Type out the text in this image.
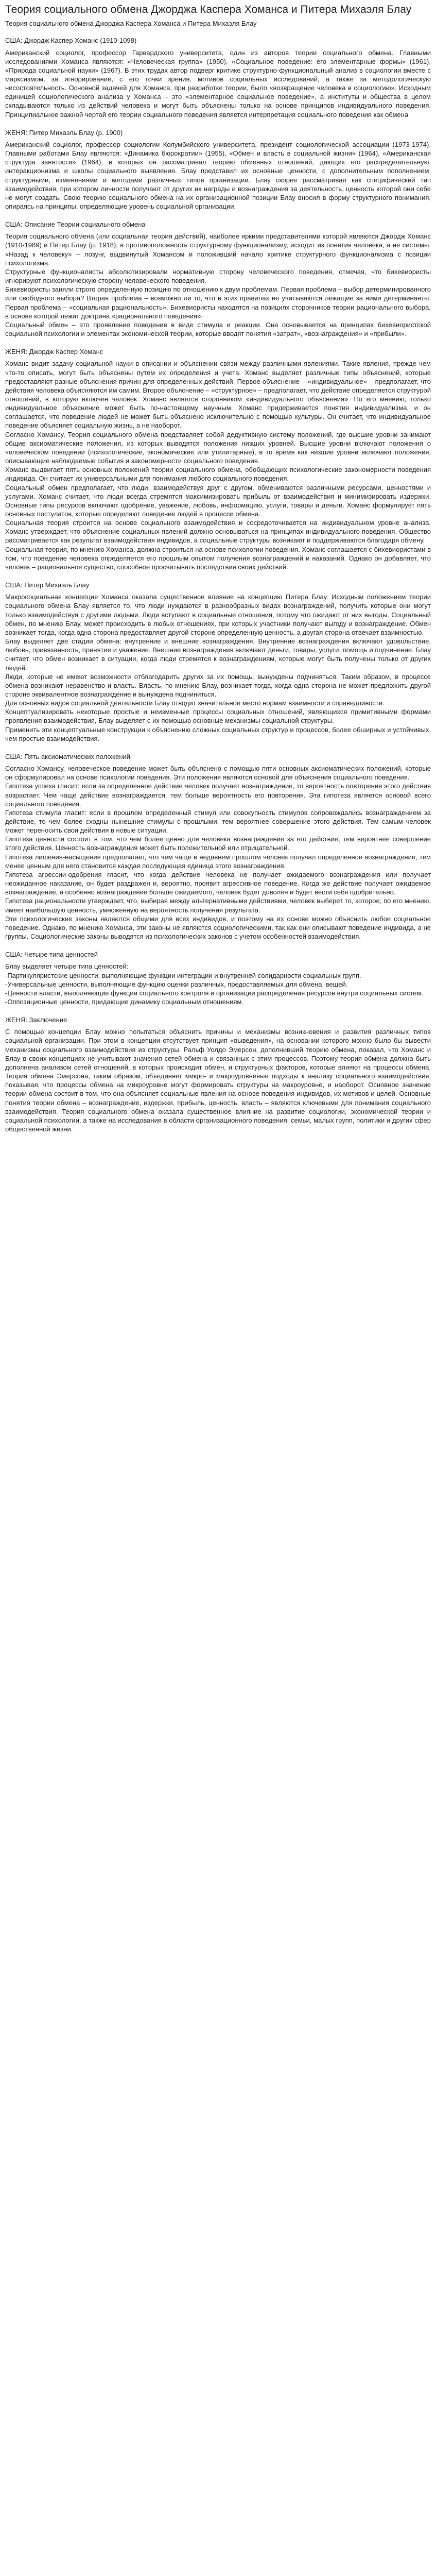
Теория социального обмена Джорджа Каспера Хоманса и Питера Михаэля Блау

Теория социального обмена Джорджа Каспера Хоманса и Питера Михаэля Блау

США: Джордж Каспер Хоманс (1910-1098)

Американский социолог, профессор Гарвардского университета, один из авторов теории социального обмена. Главными исследованиями Хоманса являются: «Человеческая группа» (1950), «Социальное поведение: его элементарные формы» (1961), «Природа социальной науки» (1967). В этих трудах автор подверг критике структурно-функциональный анализ в социологии вместе с марксизмом, за игнорирование, с его точки зрения, мотивов социальных исследований, а также за методологическую несостоятельность. Основной задачей для Хоманса, при разработке теории, было «возвращение человека в социологию». Исходным единицей социологического анализа у Хоманса – это «элементарное социальное поведение», а институты и общества в целом складываются только из действий человека и могут быть объяснены только на основе принципов индивидуального поведения. Принципиальное важной чертой его теории социального поведения является интерпретация социального поведения как обмена

ЖЕНЯ: Питер Михаэль Блау (р. 1900)

Американский социолог, профессор социологии Колумбийского университета, президент социологической ассоциации (1973-1974). Главными работами Блау являются: «Динамика бюрократии» (1955), «Обмен и власть в социальной жизни» (1964), «Американская структура занятости» (1964), в которых он рассматривал теорию обменных отношений, дающих его распределительную, интеракционизма и школы социального выявления. Блау представил их основные ценности, с дополнительным пополнением, структурными, изменениями и методами различных типов организации. Блау скорее рассматривал как специфический тип взаимодействия, при котором личности получают от других их награды и вознаграждения за деятельность, ценность которой они себе не могут создать. Свою теорию социального обмена на их организационной позиции Блау вносил в форму структурного понимания, опираясь на принципы, определяющие уровень социальной организации.

США: Описание Теории социального обмена

Теория социального обмена (или социальная теория действий), наиболее яркими представителями которой являются Джордж Хоманс (1910-1989) и Питер Блау (р. 1918), в противоположность структурному функционализму, исходит из понятия человека, а не системы. «Назад к человеку» – лозунг, выдвинутый Хомансом и положивший начало критике структурного функционализма с позиции психологизма.

Структурные функционалисты абсолютизировали нормативную сторону человеческого поведения, отмечая, что бихевиористы игнорируют психологическую сторону человеческого поведения.

Бихевиористы заняли строго определенную позицию по отношению к двум проблемам. Первая проблема – выбор детерминированного или свободного выбора? Вторая проблема – возможно ли то, что в этих правилах не учитываются лежащие за ними детерминанты. Первая проблема – «социальная рациональность». Бихевиористы находятся на позициях сторонников теории рационального выбора, в основе которой лежит доктрина «рационального поведения».

Социальный обмен – это проявление поведения в виде стимула и реакции. Она основывается на принципах бихевиористской социальной психологии и элементах экономической теории, которые вводят понятия «затрат», «вознаграждения» и «прибыли».

ЖЕНЯ: Джордж Каспер Хоманс

Хоманс видит задачу социальной науки в описании и объяснении связи между различными явлениями. Такие явления, прежде чем что-то описать, могут быть объяснены путем их определения и учета. Хоманс выделяет различные типы объяснений, которые предоставляют разные объяснения причин для определенных действий. Первое объяснение – «индивидуальное» – предполагает, что действия человека объясняются им самим. Второе объяснение – «структурное» – предполагает, что действие определяется структурой отношений, в которую включен человек. Хоманс является сторонником «индивидуального объяснения». По его мнению, только индивидуальное объяснение может быть по-настоящему научным. Хоманс придерживается понятия индивидуализма, и он соглашается, что поведение людей не может быть объяснено исключительно с помощью культуры. Он считает, что индивидуальное поведение объясняет социальную жизнь, а не наоборот.

Согласно Хомансу, Теория социального обмена представляет собой дедуктивную систему положений, где высшие уровни занимают общие аксиоматические положения, из которых выводятся положения низших уровней. Высшие уровни включают положения о человеческом поведении (психологические, экономические или утилитарные), в то время как низшие уровни включают положения, описывающие наблюдаемые события и закономерности социального поведения.

Хоманс выдвигает пять основных положений теории социального обмена, обобщающих психологические закономерности поведения индивида. Он считает их универсальными для понимания любого социального поведения.

Социальный обмен предполагает, что люди, взаимодействуя друг с другом, обмениваются различными ресурсами, ценностями и услугами. Хоманс считает, что люди всегда стремятся максимизировать прибыль от взаимодействия и минимизировать издержки. Основные типы ресурсов включают одобрение, уважение, любовь, информацию, услуги, товары и деньги. Хоманс формулирует пять основных постулатов, которые определяют поведение людей в процессе обмена.

Социальная теория строится на основе социального взаимодействия и сосредоточивается на индивидуальном уровне анализа. Хоманс утверждает, что объяснение социальных явлений должно основываться на принципах индивидуального поведения. Общество рассматривается как результат взаимодействия индивидов, а социальные структуры возникают и поддерживаются благодаря обмену.

Социальная теория, по мнению Хоманса, должна строиться на основе психологии поведения. Хоманс соглашается с бихевиористами в том, что поведение человека определяется его прошлым опытом получения вознаграждений и наказаний. Однако он добавляет, что человек – рациональное существо, способное просчитывать последствия своих действий.

США: Питер Михаэль Блау

Макросоциальная концепция Хоманса оказала существенное влияние на концепцию Питера Блау. Исходным положением теории социального обмена Блау является то, что люди нуждаются в разнообразных видах вознаграждений, получить которые они могут только взаимодействуя с другими людьми. Люди вступают в социальные отношения, потому что ожидают от них выгоды. Социальный обмен, по мнению Блау, может происходить в любых отношениях, при которых участники получают выгоду и вознаграждение. Обмен возникает тогда, когда одна сторона предоставляет другой стороне определенную ценность, а другая сторона отвечает взаимностью.

Блау выделяет две стадии обмена: внутренние и внешние вознаграждения. Внутренние вознаграждения включают удовольствие, любовь, привязанность, принятие и уважение. Внешние вознаграждения включают деньги, товары, услуги, помощь и подчинение. Блау считает, что обмен возникает в ситуации, когда люди стремятся к вознаграждениям, которые могут быть получены только от других людей.

Люди, которые не имеют возможности отблагодарить других за их помощь, вынуждены подчиняться. Таким образом, в процессе обмена возникают неравенство и власть. Власть, по мнению Блау, возникает тогда, когда одна сторона не может предложить другой стороне эквивалентное вознаграждение и вынуждена подчиниться.

Для основных видов социальной деятельности Блау отводит значительное место нормам взаимности и справедливости.

Концептуализировать некоторые простые и неизменные процессы социальных отношений, являющихся примитивными формами проявления взаимодействия, Блау выделяет с их помощью основные механизмы социальной структуры.

Применить эти концептуальные конструкции к объяснению сложных социальных структур и процессов, более обширных и устойчивых, чем простые взаимодействия.

США: Пять аксиоматических положений

Согласно Хомансу, человеческое поведение может быть объяснено с помощью пяти основных аксиоматических положений, которые он сформулировал на основе психологии поведения. Эти положения являются основой для объяснения социального поведения.

Гипотеза успеха гласит: если за определенное действие человек получает вознаграждение, то вероятность повторения этого действия возрастает. Чем чаще действие вознаграждается, тем больше вероятность его повторения. Эта гипотеза является основой всего социального поведения.

Гипотеза стимула гласит: если в прошлом определенный стимул или совокупность стимулов сопровождались вознаграждением за действие, то чем более сходны нынешние стимулы с прошлыми, тем вероятнее совершение этого действия. Тем самым человек может переносить свои действия в новые ситуации.

Гипотеза ценности состоит в том, что чем более ценно для человека вознаграждение за его действие, тем вероятнее совершение этого действия. Ценность вознаграждения может быть положительной или отрицательной.

Гипотеза лишения-насыщения предполагает, что чем чаще в недавнем прошлом человек получал определенное вознаграждение, тем менее ценным для него становится каждая последующая единица этого вознаграждения.

Гипотеза агрессии-одобрения гласит, что когда действие человека не получает ожидаемого вознаграждения или получает неожиданное наказание, он будет раздражен и, вероятно, проявит агрессивное поведение. Когда же действие получает ожидаемое вознаграждение, а особенно вознаграждение больше ожидаемого, человек будет доволен и будет вести себя одобрительно.

Гипотеза рациональности утверждает, что, выбирая между альтернативными действиями, человек выберет то, которое, по его мнению, имеет наибольшую ценность, умноженную на вероятность получения результата.

Эти психологические законы являются общими для всех индивидов, и поэтому на их основе можно объяснить любое социальное поведение. Однако, по мнению Хоманса, эти законы не являются социологическими, так как они описывают поведение индивида, а не группы. Социологические законы выводятся из психологических законов с учетом особенностей взаимодействия.

США: Четыре типа ценностей

Блау выделяет четыре типа ценностей:

-Партикуляристские ценности, выполняющие функции интеграции и внутренней солидарности социальных групп.
-Универсальные ценности, выполняющие функцию оценки различных, предоставляемых для обмена, вещей.
-Ценности власти, выполняющие функции социального контроля и организации распределения ресурсов внутри социальных систем.
-Оппозиционные ценности, придающие динамику социальным отношениям.

ЖЕНЯ: Заключение

С помощью концепции Блау можно попытаться объяснить причины и механизмы возникновения и развития различных типов социальной организации. При этом в концепции отсутствует принцип «выведения», на основании которого можно было бы вывести механизмы социального взаимодействия из структуры. Ральф Уолдо Эмерсон, дополнивший теорию обмена, показал, что Хоманс и Блау в своих концепциях не учитывают значения сетей обмена и связанных с этим процессов. Поэтому теория обмена должна быть дополнена анализом сетей отношений, в которых происходит обмен, и структурных факторов, которые влияют на процессы обмена. Теория обмена Эмерсона, таким образом, объединяет микро- и макроуровневые подходы к анализу социального взаимодействия, показывая, что процессы обмена на микроуровне могут формировать структуры на макроуровне, и наоборот. Основное значение теории обмена состоит в том, что она объясняет социальные явления на основе поведения индивидов, их мотивов и целей. Основные понятия теории обмена – вознаграждение, издержки, прибыль, ценность, власть – являются ключевыми для понимания социального взаимодействия. Теория социального обмена оказала существенное влияние на развитие социологии, экономической теории и социальной психологии, а также на исследования в области организационного поведения, семьи, малых групп, политики и других сфер общественной жизни.
